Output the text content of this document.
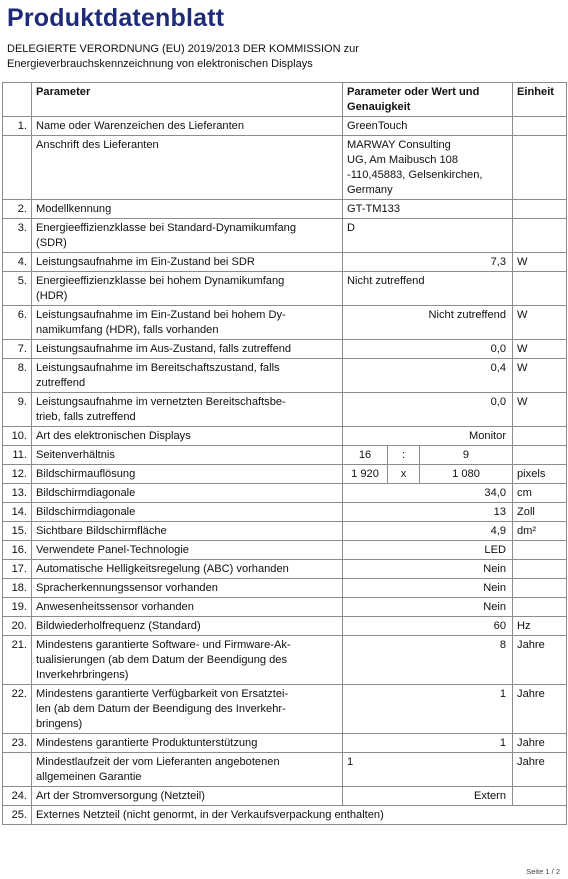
Produktdatenblatt
DELEGIERTE VERORDNUNG (EU) 2019/2013 DER KOMMISSION zur
Energieverbrauchskennzeichnung von elektronischen Displays
	Parameter	Parameter oder Wert und
Genauigkeit			Einheit
1.	Name oder Warenzeichen des Lieferanten	GreenTouch			

	Anschrift des Lieferanten	MARWAY Consulting
UG, Am Maibusch 108
-110,45883, Gelsenkirchen,
Germany			

2.	Modellkennung	GT-TM133			

3.	Energieeffizienzklasse bei Standard-Dynamikumfang
(SDR)	D			

4.	Leistungsaufnahme im Ein-Zustand bei SDR	7,3			W
5.	Energieeffizienzklasse bei hohem Dynamikumfang
(HDR)	Nicht zutreffend			

6.	Leistungsaufnahme im Ein-Zustand bei hohem Dy-
namikumfang (HDR), falls vorhanden	Nicht zutreffend			W
7.	Leistungsaufnahme im Aus-Zustand, falls zutreffend	0,0			W
8.	Leistungsaufnahme im Bereitschaftszustand, falls
zutreffend	0,4			W
9.	Leistungsaufnahme im vernetzten Bereitschaftsbe-
trieb, falls zutreffend	0,0			W
10.	Art des elektronischen Displays	Monitor			

11.	Seitenverhältnis	16	:	9	
12.	Bildschirmauflösung	1 920	x	1 080	pixels
13.	Bildschirmdiagonale	34,0			cm
14.	Bildschirmdiagonale	13			Zoll
15.	Sichtbare Bildschirmfläche	4,9			dm²
16.	Verwendete Panel-Technologie	LED			

17.	Automatische Helligkeitsregelung (ABC) vorhanden	Nein			

18.	Spracherkennungssensor vorhanden	Nein			

19.	Anwesenheitssensor vorhanden	Nein			

20.	Bildwiederholfrequenz (Standard)	60			Hz
21.	Mindestens garantierte Software- und Firmware-Ak-
tualisierungen (ab dem Datum der Beendigung des
Inverkehrbringens)	8			Jahre
22.	Mindestens garantierte Verfügbarkeit von Ersatztei-
len (ab dem Datum der Beendigung des Inverkehr-
bringens)	1			Jahre
23.	Mindestens garantierte Produktunterstützung	1			Jahre

	Mindestlaufzeit der vom Lieferanten angebotenen
allgemeinen Garantie	1			Jahre
24.	Art der Stromversorgung (Netzteil)	Extern			

25.	Externes Netzteil (nicht genormt, in der Verkaufsverpackung enthalten)				
Seite 1 / 2
